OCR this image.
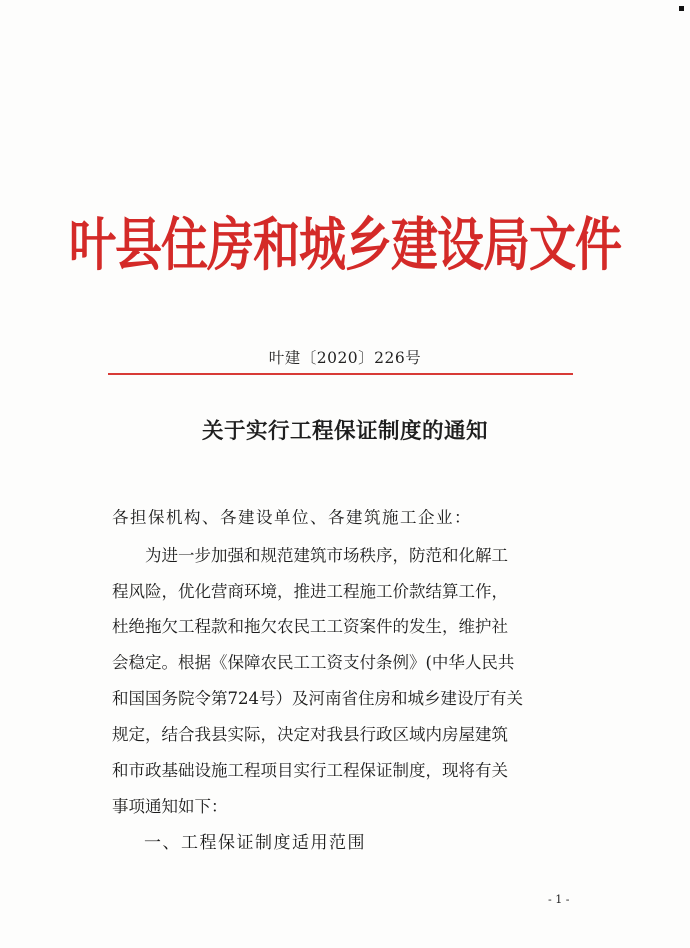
叶县住房和城乡建设局文件
叶建〔2020〕226号
关于实行工程保证制度的通知
各担保机构、各建设单位、各建筑施工企业：
　　为进一步加强和规范建筑市场秩序，防范和化解工
程风险，优化营商环境，推进工程施工价款结算工作，
杜绝拖欠工程款和拖欠农民工工资案件的发生，维护社
会稳定。根据《保障农民工工资支付条例》(中华人民共
和国国务院令第724号）及河南省住房和城乡建设厅有关
规定，结合我县实际，决定对我县行政区域内房屋建筑
和市政基础设施工程项目实行工程保证制度，现将有关
事项通知如下：
一、工程保证制度适用范围
- 1 -
